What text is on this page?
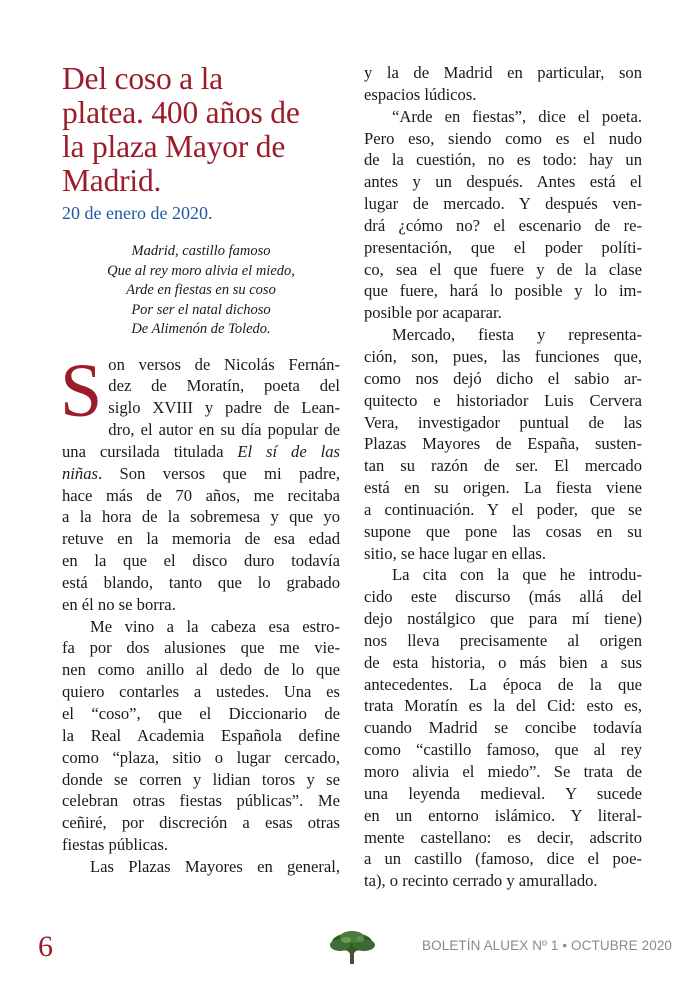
Del coso a la
platea. 400 años de
la plaza Mayor de
Madrid.
20 de enero de 2020.
Madrid, castillo famoso
Que al rey moro alivia el miedo,
Arde en fiestas en su coso
Por ser el natal dichoso
De Alimenón de Toledo.
S on versos de Nicolás Fernán-
dez de Moratín, poeta del
siglo XVIII y padre de Lean-
dro, el autor en su día popular de
una cursilada titulada El sí de las
niñas. Son versos que mi padre,
hace más de 70 años, me recitaba
a la hora de la sobremesa y que yo
retuve en la memoria de esa edad
en la que el disco duro todavía
está blando, tanto que lo grabado
en él no se borra.
Me vino a la cabeza esa estro-
fa por dos alusiones que me vie-
nen como anillo al dedo de lo que
quiero contarles a ustedes. Una es
el “coso”, que el Diccionario de
la Real Academia Española define
como “plaza, sitio o lugar cercado,
donde se corren y lidian toros y se
celebran otras fiestas públicas”. Me
ceñiré, por discreción a esas otras
fiestas públicas.
Las Plazas Mayores en general,
y la de Madrid en particular, son
espacios lúdicos.
“Arde en fiestas”, dice el poeta.
Pero eso, siendo como es el nudo
de la cuestión, no es todo: hay un
antes y un después. Antes está el
lugar de mercado. Y después ven-
drá ¿cómo no? el escenario de re-
presentación, que el poder políti-
co, sea el que fuere y de la clase
que fuere, hará lo posible y lo im-
posible por acaparar.
Mercado, fiesta y representa-
ción, son, pues, las funciones que,
como nos dejó dicho el sabio ar-
quitecto e historiador Luis Cervera
Vera, investigador puntual de las
Plazas Mayores de España, susten-
tan su razón de ser. El mercado
está en su origen. La fiesta viene
a continuación. Y el poder, que se
supone que pone las cosas en su
sitio, se hace lugar en ellas.
La cita con la que he introdu-
cido este discurso (más allá del
dejo nostálgico que para mí tiene)
nos lleva precisamente al origen
de esta historia, o más bien a sus
antecedentes. La época de la que
trata Moratín es la del Cid: esto es,
cuando Madrid se concibe todavía
como “castillo famoso, que al rey
moro alivia el miedo”. Se trata de
una leyenda medieval. Y sucede
en un entorno islámico. Y literal-
mente castellano: es decir, adscrito
a un castillo (famoso, dice el poe-
ta), o recinto cerrado y amurallado.
6	BOLETÍN ALUEX Nº 1 • OCTUBRE 2020
